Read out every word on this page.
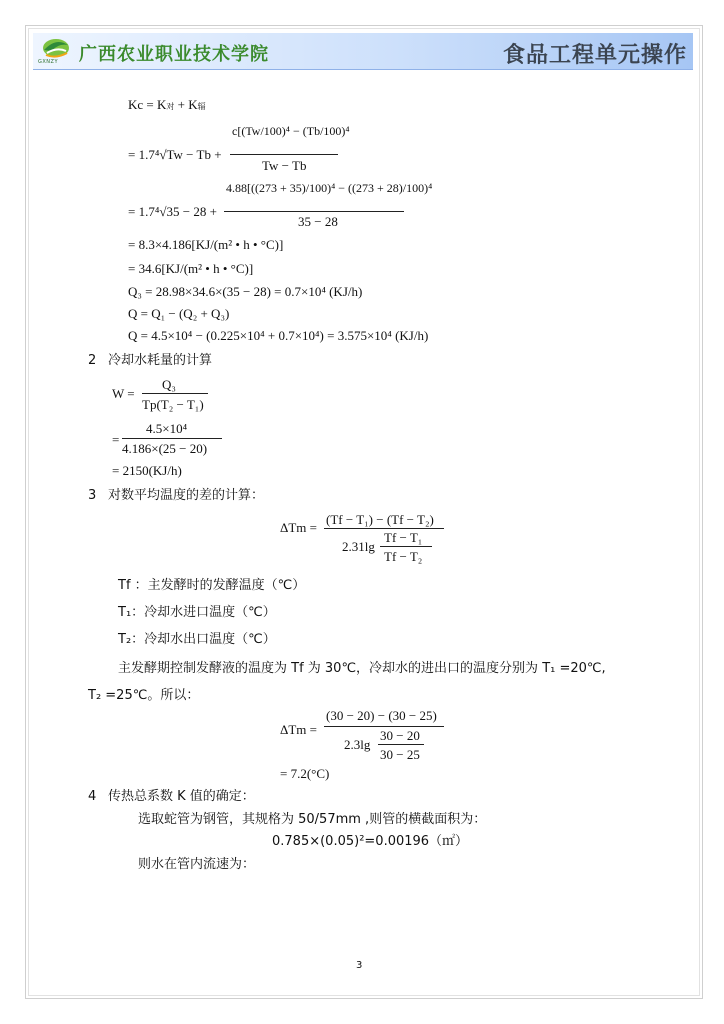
GXNZY 广西农业职业技术学院	食品工程单元操作
Kc = K对 + K辐
= 1.7⁴√Tw − Tb +
c[(Tw/100)⁴ − (Tb/100)⁴
Tw − Tb
= 1.7⁴√35 − 28 +
4.88[((273 + 35)/100)⁴ − ((273 + 28)/100)⁴
35 − 28
= 8.3×4.186[KJ/(m² • h • °C)]
= 34.6[KJ/(m² • h • °C)]
Q₃ = 28.98×34.6×(35 − 28) = 0.7×10⁴ (KJ/h)
Q = Q₁ − (Q₂ + Q₃)
Q = 4.5×10⁴ − (0.225×10⁴ + 0.7×10⁴) = 3.575×10⁴ (KJ/h)
2 冷却水耗量的计算
W =
Q₃
Tp(T₂ − T₁)
=
4.5×10⁴
4.186×(25 − 20)
= 2150(KJ/h)
3 对数平均温度的差的计算：
ΔTm =
(Tf − T₁) − (Tf − T₂)
2.31lg
Tf − T₁
Tf − T₂
Tf ：主发酵时的发酵温度（℃）
T₁：冷却水进口温度（℃）
T₂：冷却水出口温度（℃）
主发酵期控制发酵液的温度为 Tf 为 30℃，冷却水的进出口的温度分别为 T₁ =20℃,
T₂ =25℃。所以：
ΔTm =
(30 − 20) − (30 − 25)
2.3lg
30 − 20
30 − 25
= 7.2(°C)
4 传热总系数 K 值的确定：
选取蛇管为钢管，其规格为 50/57mm ,则管的横截面积为：
0.785×(0.05)²=0.00196（㎡）
则水在管内流速为：
3
